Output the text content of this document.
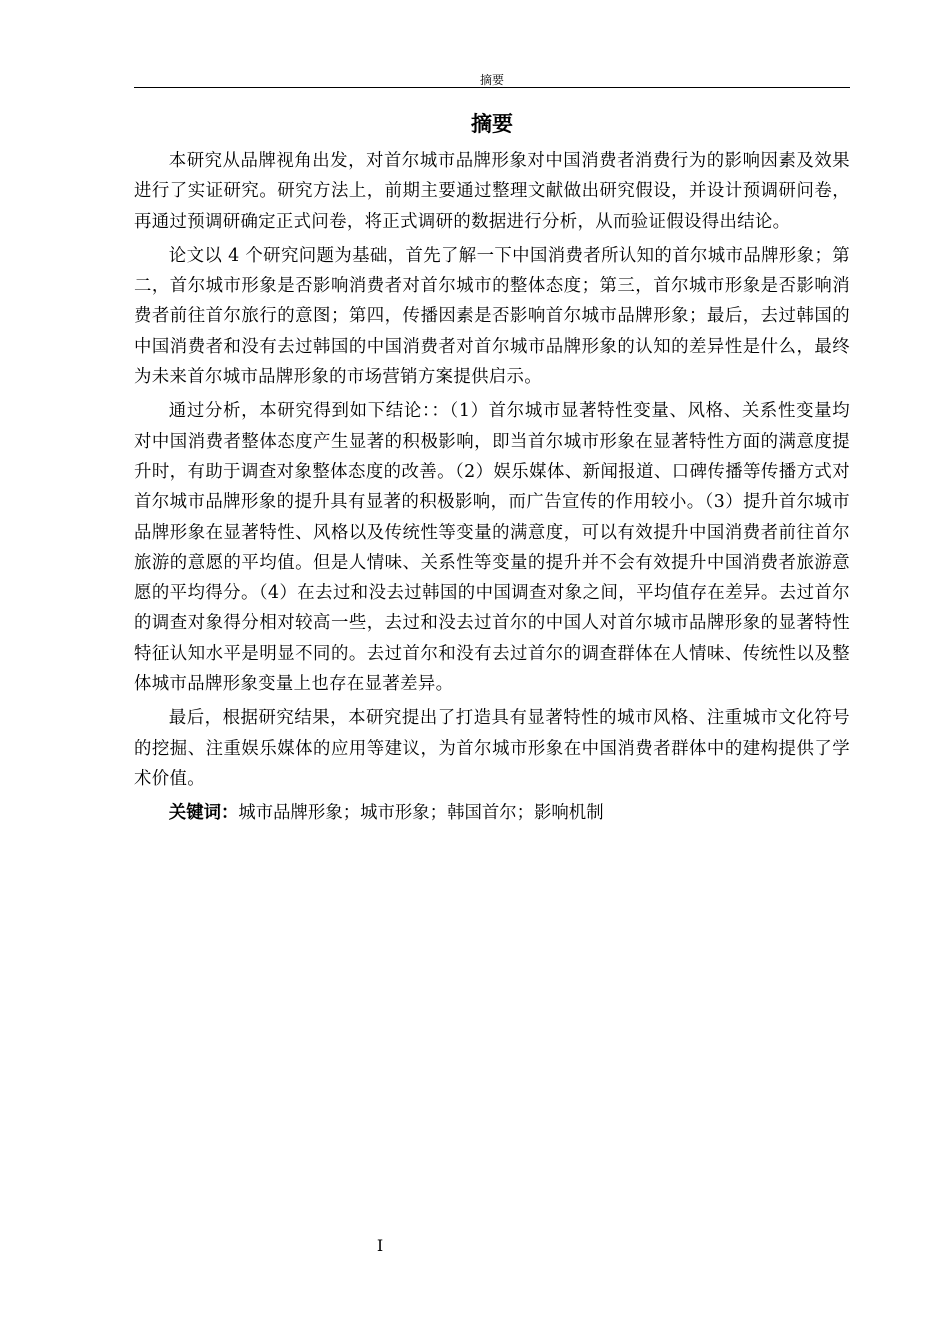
摘要
摘要

本研究从品牌视角出发，对首尔城市品牌形象对中国消费者消费行为的影响因素及效果进行了实证研究。研究方法上，前期主要通过整理文献做出研究假设，并设计预调研问卷，再通过预调研确定正式问卷，将正式调研的数据进行分析，从而验证假设得出结论。

论文以 4 个研究问题为基础，首先了解一下中国消费者所认知的首尔城市品牌形象；第二，首尔城市形象是否影响消费者对首尔城市的整体态度；第三，首尔城市形象是否影响消费者前往首尔旅行的意图；第四，传播因素是否影响首尔城市品牌形象；最后，去过韩国的中国消费者和没有去过韩国的中国消费者对首尔城市品牌形象的认知的差异性是什么，最终为未来首尔城市品牌形象的市场营销方案提供启示。

通过分析，本研究得到如下结论：：（1）首尔城市显著特性变量、风格、关系性变量均对中国消费者整体态度产生显著的积极影响，即当首尔城市形象在显著特性方面的满意度提升时，有助于调查对象整体态度的改善。（2）娱乐媒体、新闻报道、口碑传播等传播方式对首尔城市品牌形象的提升具有显著的积极影响，而广告宣传的作用较小。（3）提升首尔城市品牌形象在显著特性、风格以及传统性等变量的满意度，可以有效提升中国消费者前往首尔旅游的意愿的平均值。但是人情味、关系性等变量的提升并不会有效提升中国消费者旅游意愿的平均得分。（4）在去过和没去过韩国的中国调查对象之间，平均值存在差异。去过首尔的调查对象得分相对较高一些，去过和没去过首尔的中国人对首尔城市品牌形象的显著特性特征认知水平是明显不同的。去过首尔和没有去过首尔的调查群体在人情味、传统性以及整体城市品牌形象变量上也存在显著差异。

最后，根据研究结果，本研究提出了打造具有显著特性的城市风格、注重城市文化符号的挖掘、注重娱乐媒体的应用等建议，为首尔城市形象在中国消费者群体中的建构提供了学术价值。

关键词：城市品牌形象；城市形象；韩国首尔；影响机制

I
